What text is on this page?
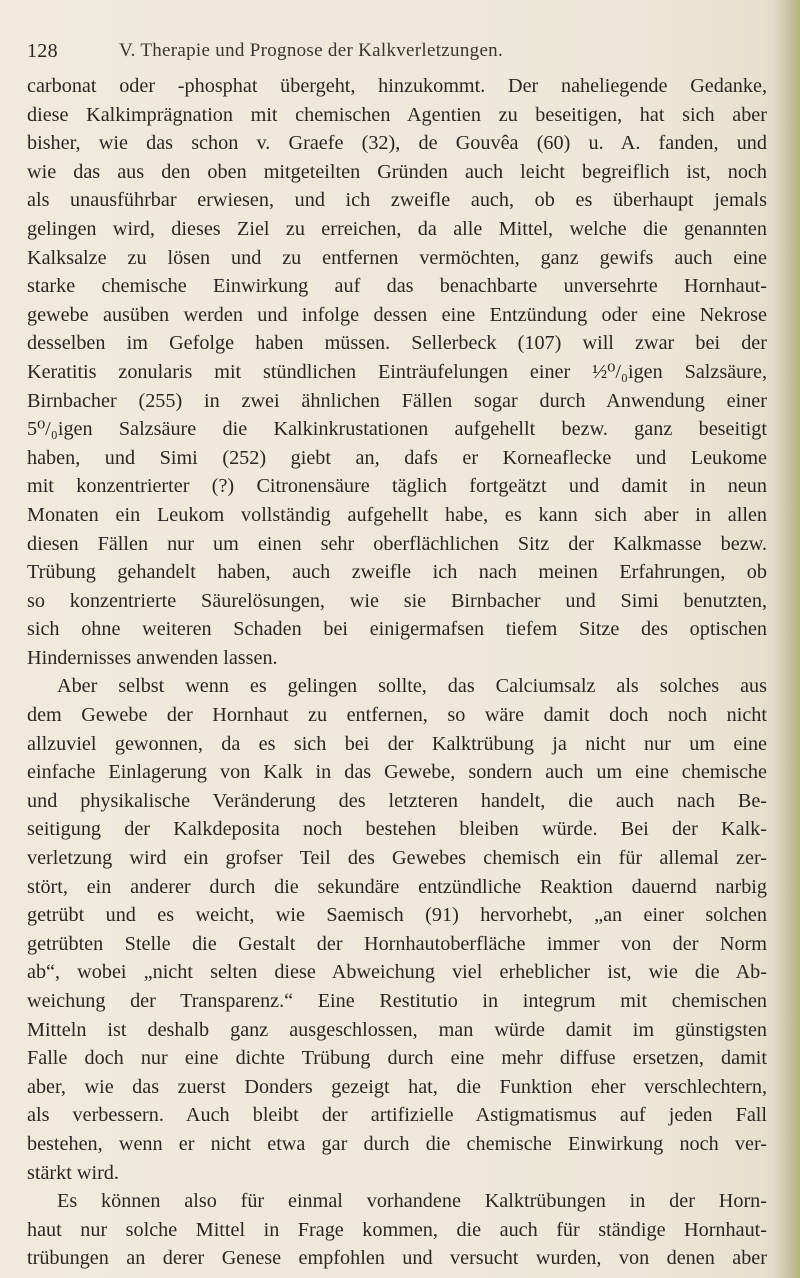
128	V. Therapie und Prognose der Kalkverletzungen.
carbonat oder -phosphat übergeht, hinzukommt. Der naheliegende Gedanke,
diese Kalkimprägnation mit chemischen Agentien zu beseitigen, hat sich aber
bisher, wie das schon v. Graefe (32), de Gouvêa (60) u. A. fanden, und
wie das aus den oben mitgeteilten Gründen auch leicht begreiflich ist, noch
als unausführbar erwiesen, und ich zweifle auch, ob es überhaupt jemals
gelingen wird, dieses Ziel zu erreichen, da alle Mittel, welche die genannten
Kalksalze zu lösen und zu entfernen vermöchten, ganz gewifs auch eine
starke chemische Einwirkung auf das benachbarte unversehrte Hornhaut-
gewebe ausüben werden und infolge dessen eine Entzündung oder eine Nekrose
desselben im Gefolge haben müssen. Sellerbeck (107) will zwar bei der
Keratitis zonularis mit stündlichen Einträufelungen einer ½⁰/₀igen Salzsäure,
Birnbacher (255) in zwei ähnlichen Fällen sogar durch Anwendung einer
5⁰/₀igen Salzsäure die Kalkinkrustationen aufgehellt bezw. ganz beseitigt
haben, und Simi (252) giebt an, dafs er Korneaflecke und Leukome
mit konzentrierter (?) Citronensäure täglich fortgeätzt und damit in neun
Monaten ein Leukom vollständig aufgehellt habe, es kann sich aber in allen
diesen Fällen nur um einen sehr oberflächlichen Sitz der Kalkmasse bezw.
Trübung gehandelt haben, auch zweifle ich nach meinen Erfahrungen, ob
so konzentrierte Säurelösungen, wie sie Birnbacher und Simi benutzten,
sich ohne weiteren Schaden bei einigermafsen tiefem Sitze des optischen
Hindernisses anwenden lassen.
Aber selbst wenn es gelingen sollte, das Calciumsalz als solches aus
dem Gewebe der Hornhaut zu entfernen, so wäre damit doch noch nicht
allzuviel gewonnen, da es sich bei der Kalktrübung ja nicht nur um eine
einfache Einlagerung von Kalk in das Gewebe, sondern auch um eine chemische
und physikalische Veränderung des letzteren handelt, die auch nach Be-
seitigung der Kalkdeposita noch bestehen bleiben würde. Bei der Kalk-
verletzung wird ein grofser Teil des Gewebes chemisch ein für allemal zer-
stört, ein anderer durch die sekundäre entzündliche Reaktion dauernd narbig
getrübt und es weicht, wie Saemisch (91) hervorhebt, „an einer solchen
getrübten Stelle die Gestalt der Hornhautoberfläche immer von der Norm
ab“, wobei „nicht selten diese Abweichung viel erheblicher ist, wie die Ab-
weichung der Transparenz.“ Eine Restitutio in integrum mit chemischen
Mitteln ist deshalb ganz ausgeschlossen, man würde damit im günstigsten
Falle doch nur eine dichte Trübung durch eine mehr diffuse ersetzen, damit
aber, wie das zuerst Donders gezeigt hat, die Funktion eher verschlechtern,
als verbessern. Auch bleibt der artifizielle Astigmatismus auf jeden Fall
bestehen, wenn er nicht etwa gar durch die chemische Einwirkung noch ver-
stärkt wird.
Es können also für einmal vorhandene Kalktrübungen in der Horn-
haut nur solche Mittel in Frage kommen, die auch für ständige Hornhaut-
trübungen an derer Genese empfohlen und versucht wurden, von denen aber
